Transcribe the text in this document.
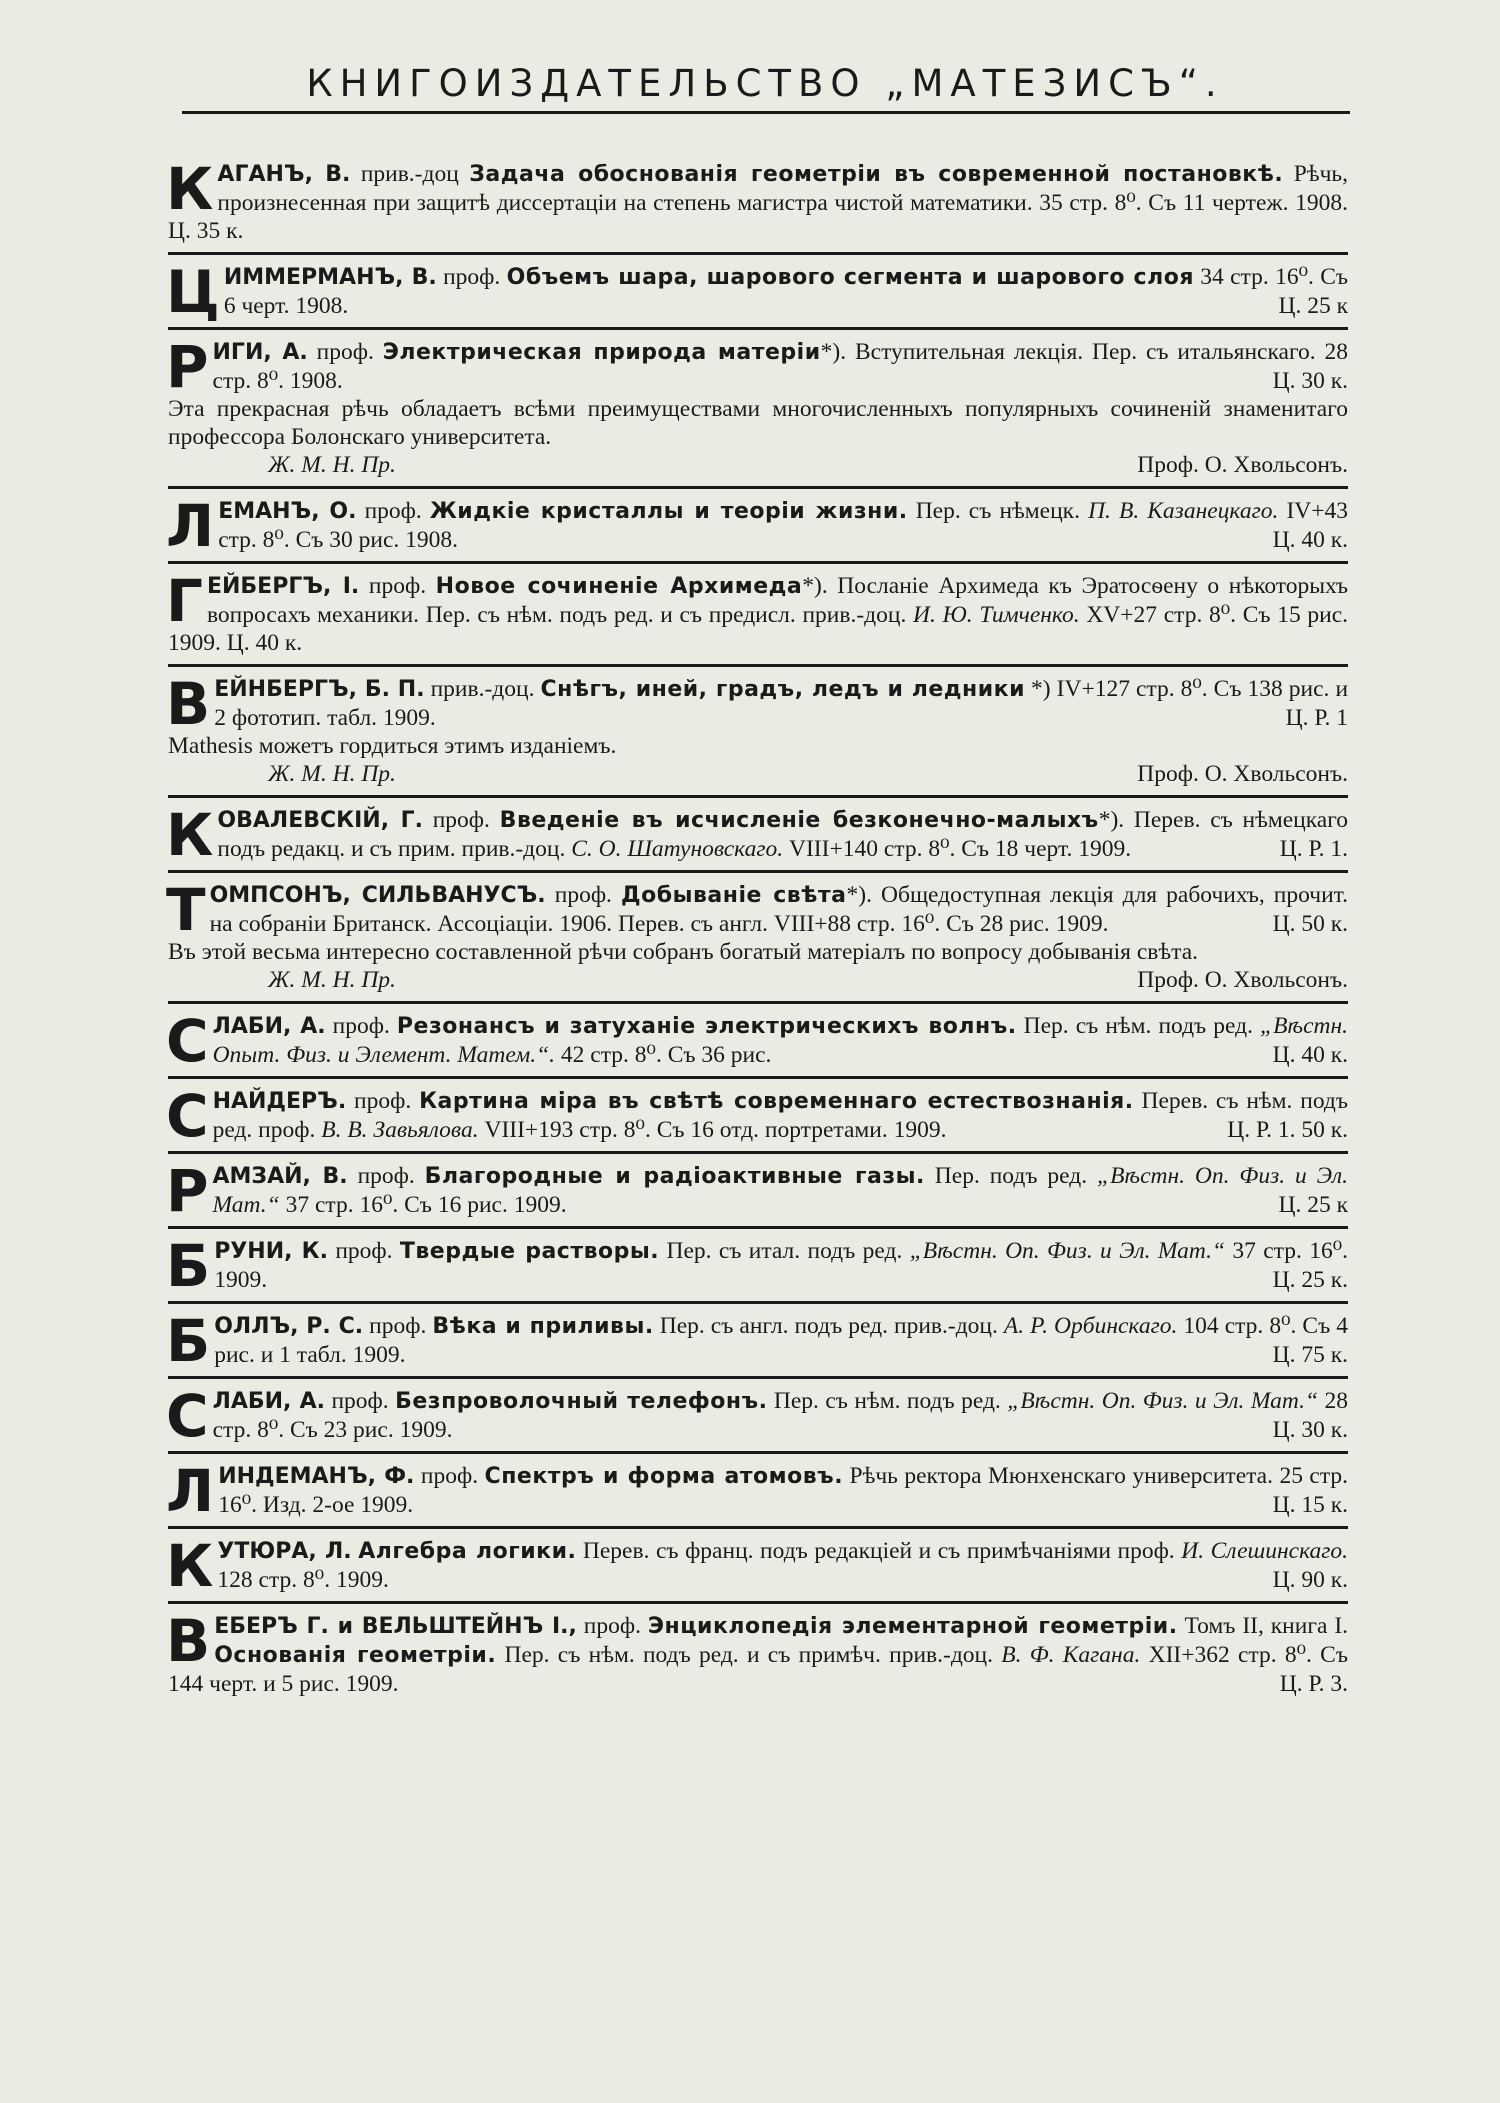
КНИГОИЗДАТЕЛЬСТВО „МАТЕЗИСЪ“.
К АГАНЪ, В. прив.-доц Задача обоснованія геометріи въ современной постановкѣ. Рѣчь, произнесенная при защитѣ диссертаціи на степень магистра чистой математики. 35 стр. 8⁰. Съ 11 чертеж. 1908. Ц. 35 к.
Ц ИММЕРМАНЪ, В. проф. Объемъ шара, шарового сегмента и шарового слоя 34 стр. 16⁰. Съ 6 черт. 1908.	Ц. 25 к
Р ИГИ, А. проф. Электрическая природа матеріи*). Вступительная лекція. Пер. съ итальянскаго. 28 стр. 8⁰. 1908.	Ц. 30 к.
Эта прекрасная рѣчь обладаетъ всѣми преимуществами многочисленныхъ популярныхъ сочиненій знаменитаго профессора Болонскаго университета.
Ж. М. Н. Пр.	Проф. О. Хвольсонъ.
Л ЕМАНЪ, О. проф. Жидкіе кристаллы и теоріи жизни. Пер. съ нѣмецк. П. В. Казанецкаго. IV+43 стр. 8⁰. Съ 30 рис. 1908.	Ц. 40 к.
Г ЕЙБЕРГЪ, І. проф. Новое сочиненіе Архимеда*). Посланіе Архимеда къ Эратосѳену о нѣкоторыхъ вопросахъ механики. Пер. съ нѣм. подъ ред. и съ предисл. прив.-доц. И. Ю. Тимченко. XV+27 стр. 8⁰. Съ 15 рис. 1909. Ц. 40 к.
В ЕЙНБЕРГЪ, Б. П. прив.-доц. Снѣгъ, иней, градъ, ледъ и ледники *) IV+127 стр. 8⁰. Съ 138 рис. и 2 фототип. табл. 1909.	Ц. Р. 1
Mathesis можетъ гордиться этимъ изданіемъ.
Ж. М. Н. Пр.	Проф. О. Хвольсонъ.
К ОВАЛЕВСКІЙ, Г. проф. Введеніе въ исчисленіе безконечно-малыхъ*). Перев. съ нѣмецкаго подъ редакц. и съ прим. прив.-доц. С. О. Шатуновскаго. VIII+140 стр. 8⁰. Съ 18 черт. 1909.	Ц. Р. 1.
Т ОМПСОНЪ, СИЛЬВАНУСЪ. проф. Добываніе свѣта*). Общедоступная лекція для рабочихъ, прочит. на собраніи Британск. Ассоціаціи. 1906. Перев. съ англ. VIII+88 стр. 16⁰. Съ 28 рис. 1909.	Ц. 50 к.
Въ этой весьма интересно составленной рѣчи собранъ богатый матеріалъ по вопросу добыванія свѣта.
Ж. М. Н. Пр.	Проф. О. Хвольсонъ.
С ЛАБИ, А. проф. Резонансъ и затуханіе электрическихъ волнъ. Пер. съ нѣм. подъ ред. „Вѣстн. Опыт. Физ. и Элемент. Матем.“. 42 стр. 8⁰. Съ 36 рис.	Ц. 40 к.
С НАЙДЕРЪ. проф. Картина міра въ свѣтѣ современнаго естествознанія. Перев. съ нѣм. подъ ред. проф. В. В. Завьялова. VIII+193 стр. 8⁰. Съ 16 отд. портретами. 1909.	Ц. Р. 1. 50 к.
Р АМЗАЙ, В. проф. Благородные и радіоактивные газы. Пер. подъ ред. „Вѣстн. Оп. Физ. и Эл. Мат.“ 37 стр. 16⁰. Съ 16 рис. 1909.	Ц. 25 к
Б РУНИ, К. проф. Твердые растворы. Пер. съ итал. подъ ред. „Вѣстн. Оп. Физ. и Эл. Мат.“ 37 стр. 16⁰. 1909.	Ц. 25 к.
Б ОЛЛЪ, Р. С. проф. Вѣка и приливы. Пер. съ англ. подъ ред. прив.-доц. А. Р. Орбинскаго. 104 стр. 8⁰. Съ 4 рис. и 1 табл. 1909.	Ц. 75 к.
С ЛАБИ, А. проф. Безпроволочный телефонъ. Пер. съ нѣм. подъ ред. „Вѣстн. Оп. Физ. и Эл. Мат.“ 28 стр. 8⁰. Съ 23 рис. 1909.	Ц. 30 к.
Л ИНДЕМАНЪ, Ф. проф. Спектръ и форма атомовъ. Рѣчь ректора Мюнхенскаго университета. 25 стр. 16⁰. Изд. 2-ое 1909.	Ц. 15 к.
К УТЮРА, Л. Алгебра логики. Перев. съ франц. подъ редакціей и съ примѣчаніями проф. И. Слешинскаго. 128 стр. 8⁰. 1909.	Ц. 90 к.
В ЕБЕРЪ Г. и ВЕЛЬШТЕЙНЪ І., проф. Энциклопедія элементарной геометріи. Томъ II, книга I. Основанія геометріи. Пер. съ нѣм. подъ ред. и съ примѣч. прив.-доц. В. Ф. Кагана. XII+362 стр. 8⁰. Съ 144 черт. и 5 рис. 1909.	Ц. Р. 3.
